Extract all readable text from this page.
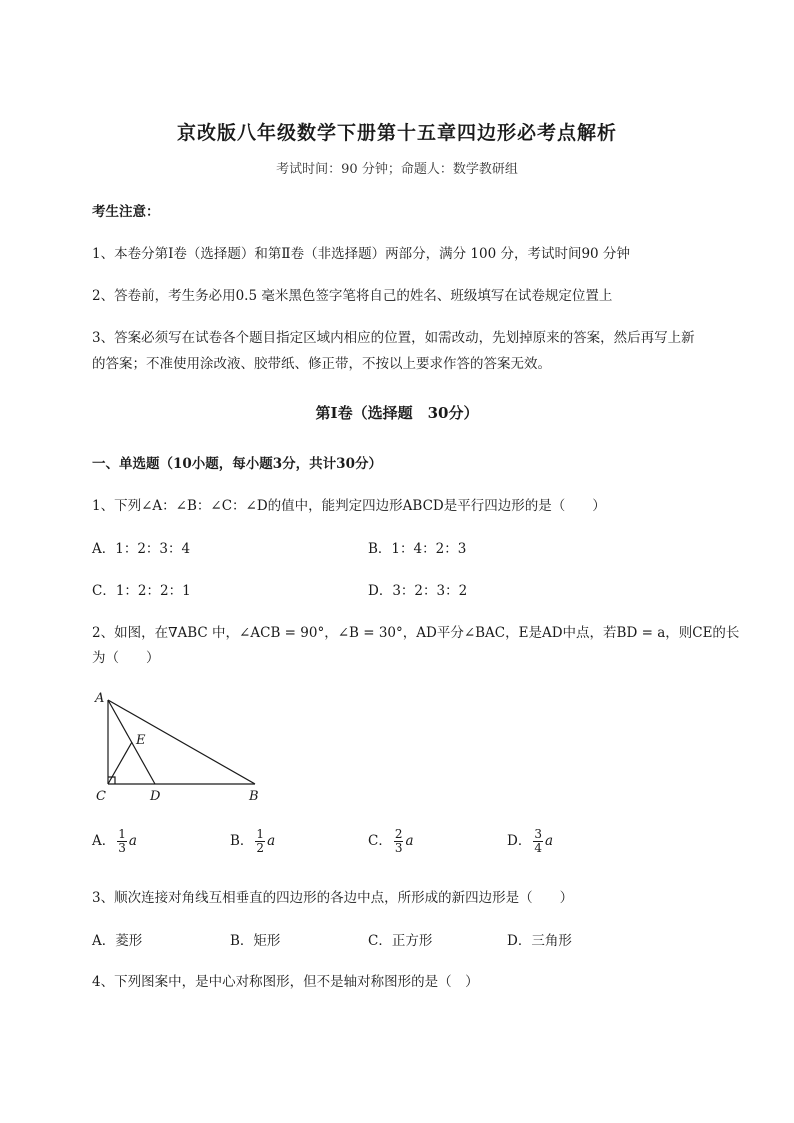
京改版八年级数学下册第十五章四边形必考点解析
考试时间：90 分钟；命题人：数学教研组
考生注意：
1、本卷分第Ⅰ卷（选择题）和第Ⅱ卷（非选择题）两部分，满分 100 分，考试时间90 分钟
2、答卷前，考生务必用0.5 毫米黑色签字笔将自己的姓名、班级填写在试卷规定位置上
3、答案必须写在试卷各个题目指定区域内相应的位置，如需改动，先划掉原来的答案，然后再写上新
的答案；不准使用涂改液、胶带纸、修正带，不按以上要求作答的答案无效。
第Ⅰ卷（选择题　30分）
一、单选题（10小题，每小题3分，共计30分）
1、下列∠A：∠B：∠C：∠D的值中，能判定四边形ABCD是平行四边形的是（　　）
A．1：2：3：4	B．1：4：2：3
C．1：2：2：1	D．3：2：3：2
2、如图，在∇ABC 中，∠ACB = 90°，∠B = 30°，AD平分∠BAC，E是AD中点，若BD = a，则CE的长
为（　　）
A
E
C	D	B
A． $\frac{1}{3}$ a	B． $\frac{1}{2}$ a	C． $\frac{2}{3}$ a	D． $\frac{3}{4}$ a
3、顺次连接对角线互相垂直的四边形的各边中点，所形成的新四边形是（　　）
A．菱形	B．矩形	C．正方形	D．三角形
4、下列图案中，是中心对称图形，但不是轴对称图形的是（　）
